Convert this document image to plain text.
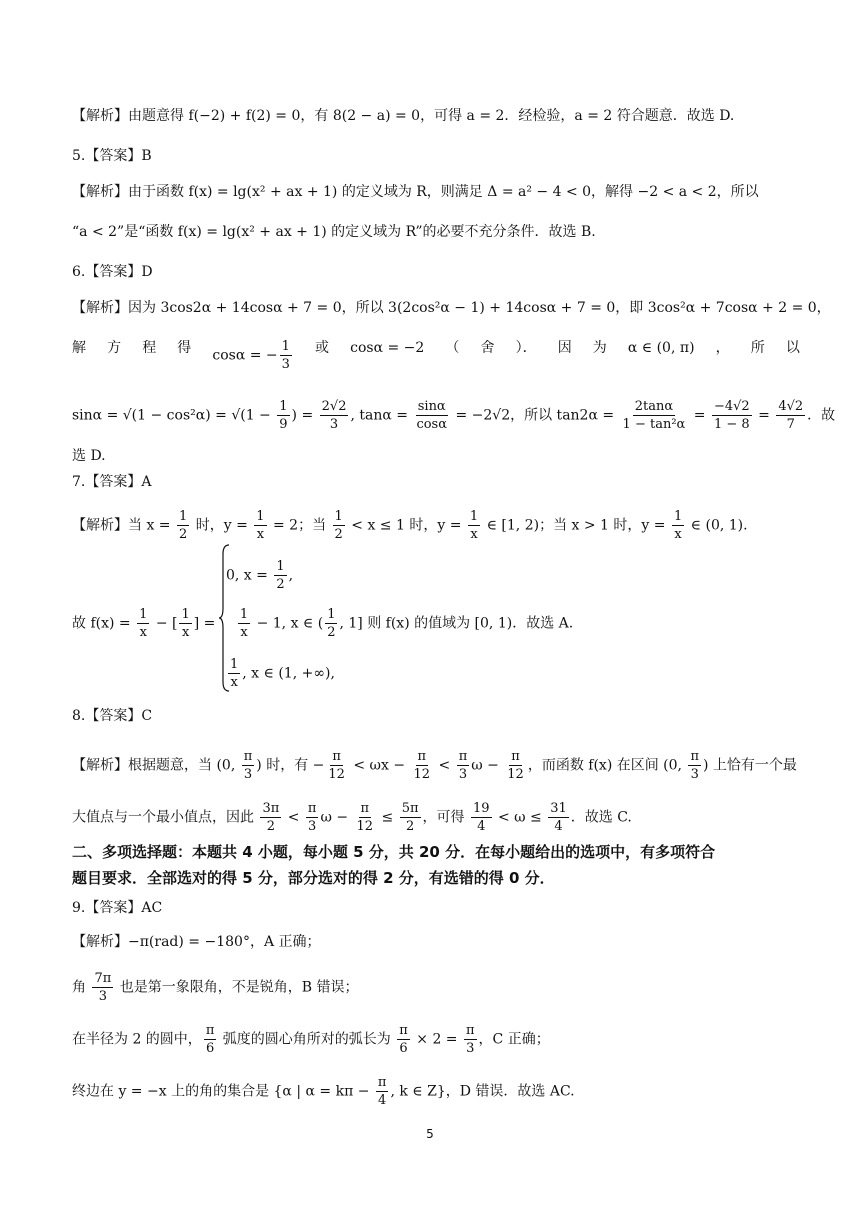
【解析】由题意得 f(−2) + f(2) = 0，有 8(2 − a) = 0，可得 a = 2．经检验，a = 2 符合题意．故选 D.
5.【答案】B
【解析】由于函数 f(x) = lg(x² + ax + 1) 的定义域为 R，则满足 Δ = a² − 4 < 0，解得 −2 < a < 2，所以
“a < 2”是“函数 f(x) = lg(x² + ax + 1) 的定义域为 R”的必要不充分条件．故选 B.
6.【答案】D
【解析】因为 3cos2α + 14cosα + 7 = 0，所以 3(2cos²α − 1) + 14cosα + 7 = 0，即 3cos²α + 7cosα + 2 = 0，
解 方 程 得 cosα = − $\frac{1}{3}$ 或 cosα = −2 （ 舍 ）． 因 为 α ∈ (0, π) ， 所 以
$\sin\alpha = √(1 - \cos^2\alpha) = √(1 - \frac{1}{9}$ ) = $\frac{2√2}{3}$ , $\tan\alpha = \frac{\sin\alpha}{\cos\alpha} = -2√2$，所以 $\tan 2\alpha = \frac{2\tan\alpha}{\text{1 − tan²α}} = \frac{-4√2}{1 - 8} = \frac{4√2}{7}$ ．故
选 D.
7.【答案】A
【解析】当 $x = \frac{1}{2}$ 时，$y = \frac{1}{x} = 2$；当 $\frac{1}{2} < x \le 1$ 时，$y = \frac{1}{x}$ ∈ [1, 2)；当 x > 1 时，$y = \frac{1}{x}$ ∈ (0, 1).
0, $x = \frac{1}{2}$ ,
故 $f(x) = \frac{1}{x}$ − [ $\frac{1}{x}$ ] = $\frac{1}{x} - 1$, x ∈ ( $\frac{1}{2}$ , 1] 则 f(x) 的值域为 [0, 1)．故选 A.
$\frac{1}{x}$ , x ∈ (1, +∞),
8.【答案】C
【解析】根据题意，当 (0, $\frac{\pi}{3}$ ) 时，有 − $\frac{\pi}{12} < \omega x - \frac{\pi}{12} < \frac{\pi}{3}$ $\omega - \frac{\pi}{12}$ ，而函数 f(x) 在区间 (0, $\frac{\pi}{3}$ ) 上恰有一个最
大值点与一个最小值点，因此 $\frac{3\pi}{2} < \frac{\pi}{3}$ $\omega - \frac{\pi}{12} \le \frac{5\pi}{2}$ ，可得 $\frac{19}{4} < \omega \le \frac{31}{4}$ ．故选 C.
二、多项选择题：本题共 4 小题，每小题 5 分，共 20 分．在每小题给出的选项中，有多项符合
题目要求．全部选对的得 5 分，部分选对的得 2 分，有选错的得 0 分．
9.【答案】AC
【解析】−π(rad) = −180°，A 正确；
角 $\frac{7\pi}{3}$ 也是第一象限角，不是锐角，B 错误；
在半径为 2 的圆中， $\frac{\pi}{6}$ 弧度的圆心角所对的弧长为 $\frac{\pi}{6} \times 2 = \frac{\pi}{3}$ ，C 正确；
终边在 y = −x 上的角的集合是 {α | $\alpha = k\pi - \frac{\pi}{4}$ , k ∈ Z}，D 错误．故选 AC.
5
